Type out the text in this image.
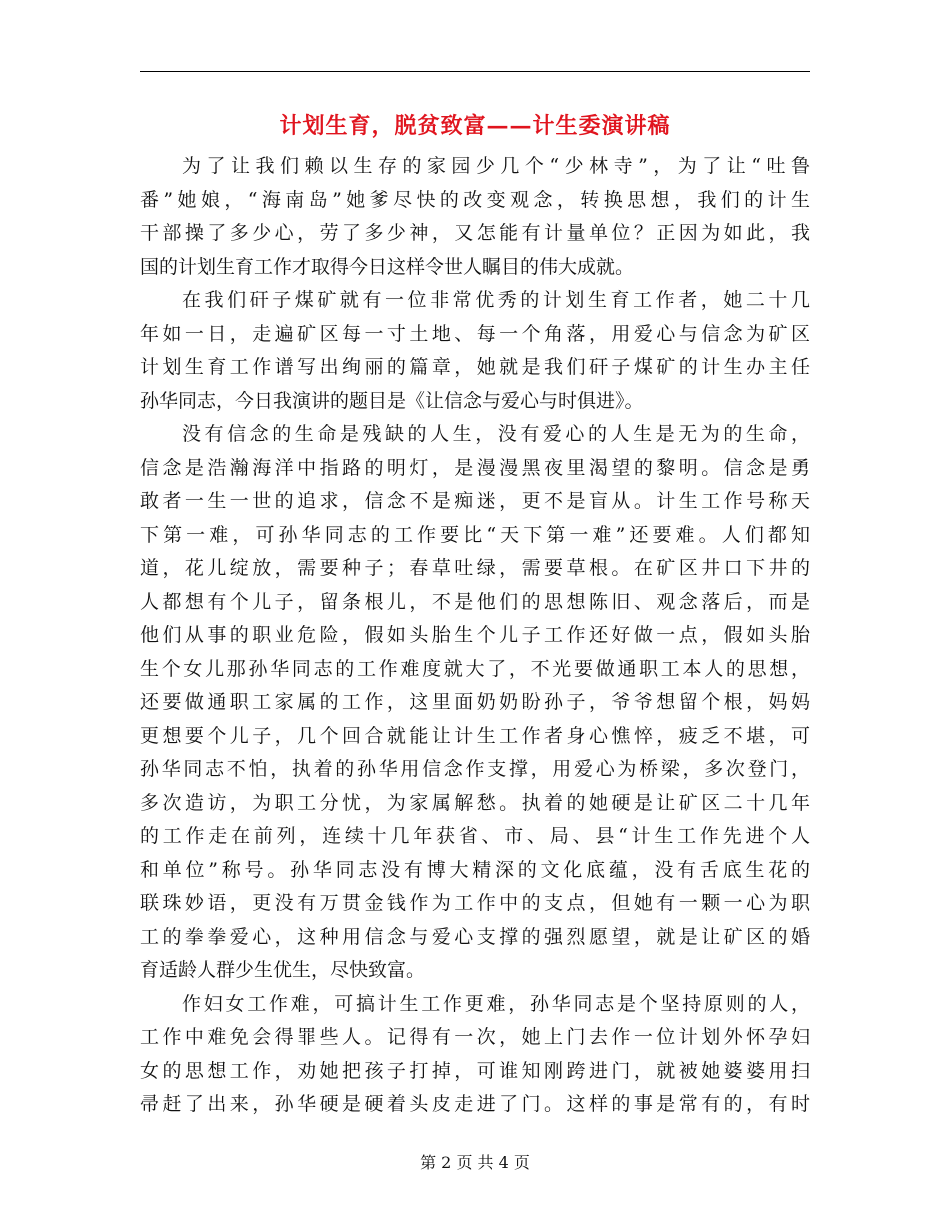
计划生育，脱贫致富——计生委演讲稿
为了让我们赖以生存的家园少几个“少林寺”，为了让“吐鲁
番”她娘，“海南岛”她爹尽快的改变观念，转换思想，我们的计生
干部操了多少心，劳了多少神，又怎能有计量单位？正因为如此，我
国的计划生育工作才取得今日这样令世人瞩目的伟大成就。
在我们矸子煤矿就有一位非常优秀的计划生育工作者，她二十几
年如一日，走遍矿区每一寸土地、每一个角落，用爱心与信念为矿区
计划生育工作谱写出绚丽的篇章，她就是我们矸子煤矿的计生办主任
孙华同志，今日我演讲的题目是《让信念与爱心与时俱进》。
没有信念的生命是残缺的人生，没有爱心的人生是无为的生命，
信念是浩瀚海洋中指路的明灯，是漫漫黑夜里渴望的黎明。信念是勇
敢者一生一世的追求，信念不是痴迷，更不是盲从。计生工作号称天
下第一难，可孙华同志的工作要比“天下第一难”还要难。人们都知
道，花儿绽放，需要种子；春草吐绿，需要草根。在矿区井口下井的
人都想有个儿子，留条根儿，不是他们的思想陈旧、观念落后，而是
他们从事的职业危险，假如头胎生个儿子工作还好做一点，假如头胎
生个女儿那孙华同志的工作难度就大了，不光要做通职工本人的思想，
还要做通职工家属的工作，这里面奶奶盼孙子，爷爷想留个根，妈妈
更想要个儿子，几个回合就能让计生工作者身心憔悴，疲乏不堪，可
孙华同志不怕，执着的孙华用信念作支撑，用爱心为桥梁，多次登门，
多次造访，为职工分忧，为家属解愁。执着的她硬是让矿区二十几年
的工作走在前列，连续十几年获省、市、局、县“计生工作先进个人
和单位”称号。孙华同志没有博大精深的文化底蕴，没有舌底生花的
联珠妙语，更没有万贯金钱作为工作中的支点，但她有一颗一心为职
工的拳拳爱心，这种用信念与爱心支撑的强烈愿望，就是让矿区的婚
育适龄人群少生优生，尽快致富。
作妇女工作难，可搞计生工作更难，孙华同志是个坚持原则的人，
工作中难免会得罪些人。记得有一次，她上门去作一位计划外怀孕妇
女的思想工作，劝她把孩子打掉，可谁知刚跨进门，就被她婆婆用扫
帚赶了出来，孙华硬是硬着头皮走进了门。这样的事是常有的，有时
第 2 页 共 4 页
